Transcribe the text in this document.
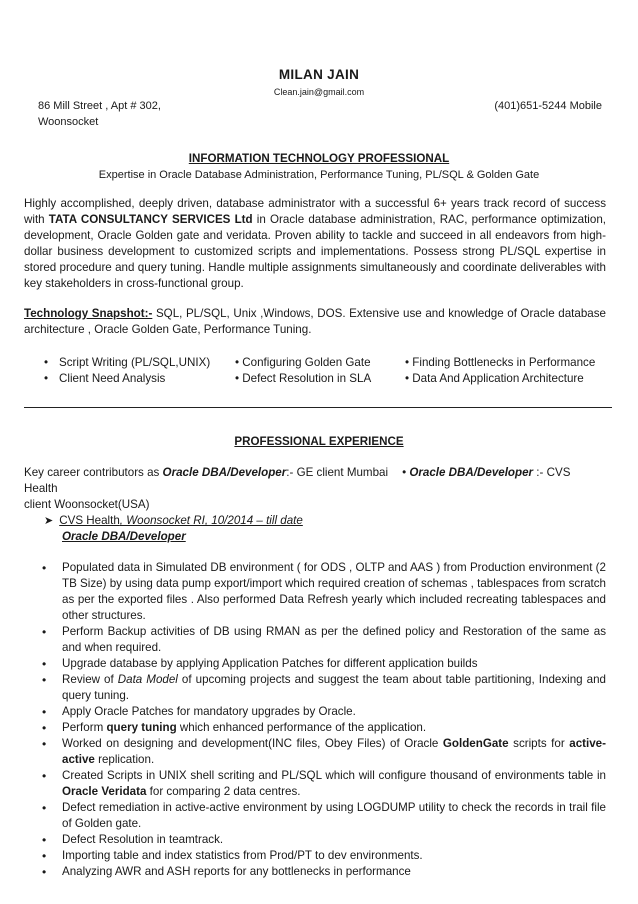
MILAN JAIN
Clean.jain@gmail.com
86 Mill Street , Apt # 302,
Woonsocket
(401)651-5244 Mobile
INFORMATION TECHNOLOGY PROFESSIONAL
Expertise in Oracle Database Administration, Performance Tuning, PL/SQL & Golden Gate

Highly accomplished, deeply driven, database administrator with a successful 6+ years track record of success with TATA CONSULTANCY SERVICES Ltd in Oracle database administration, RAC, performance optimization, development, Oracle Golden gate and veridata. Proven ability to tackle and succeed in all endeavors from high-dollar business development to customized scripts and implementations. Possess strong PL/SQL expertise in stored procedure and query tuning. Handle multiple assignments simultaneously and coordinate deliverables with key stakeholders in cross-functional group.

Technology Snapshot:- SQL, PL/SQL, Unix ,Windows, DOS. Extensive use and knowledge of Oracle database architecture , Oracle Golden Gate, Performance Tuning.

• Script Writing (PL/SQL,UNIX) • Configuring Golden Gate	• Finding Bottlenecks in Performance
• Client Need Analysis	• Defect Resolution in SLA	• Data And Application Architecture
PROFESSIONAL EXPERIENCE
Key career contributors as Oracle DBA/Developer:- GE client Mumbai • Oracle DBA/Developer :- CVS Health
client Woonsocket(USA)
➤ CVS Health, Woonsocket RI, 10/2014 – till date
Oracle DBA/Developer
• Populated data in Simulated DB environment ( for ODS , OLTP and AAS ) from Production environment (2 TB Size) by using data pump export/import which required creation of schemas , tablespaces from scratch as per the exported files . Also performed Data Refresh yearly which included recreating tablespaces and other structures.
• Perform Backup activities of DB using RMAN as per the defined policy and Restoration of the same as and when required.
• Upgrade database by applying Application Patches for different application builds
• Review of Data Model of upcoming projects and suggest the team about table partitioning, Indexing and query tuning.
• Apply Oracle Patches for mandatory upgrades by Oracle.
• Perform query tuning which enhanced performance of the application.
• Worked on designing and development(INC files, Obey Files) of Oracle GoldenGate scripts for active-active replication.
• Created Scripts in UNIX shell scriting and PL/SQL which will configure thousand of environments table in Oracle Veridata for comparing 2 data centres.
• Defect remediation in active-active environment by using LOGDUMP utility to check the records in trail file of Golden gate.
• Defect Resolution in teamtrack.
• Importing table and index statistics from Prod/PT to dev environments.
• Analyzing AWR and ASH reports for any bottlenecks in performance
